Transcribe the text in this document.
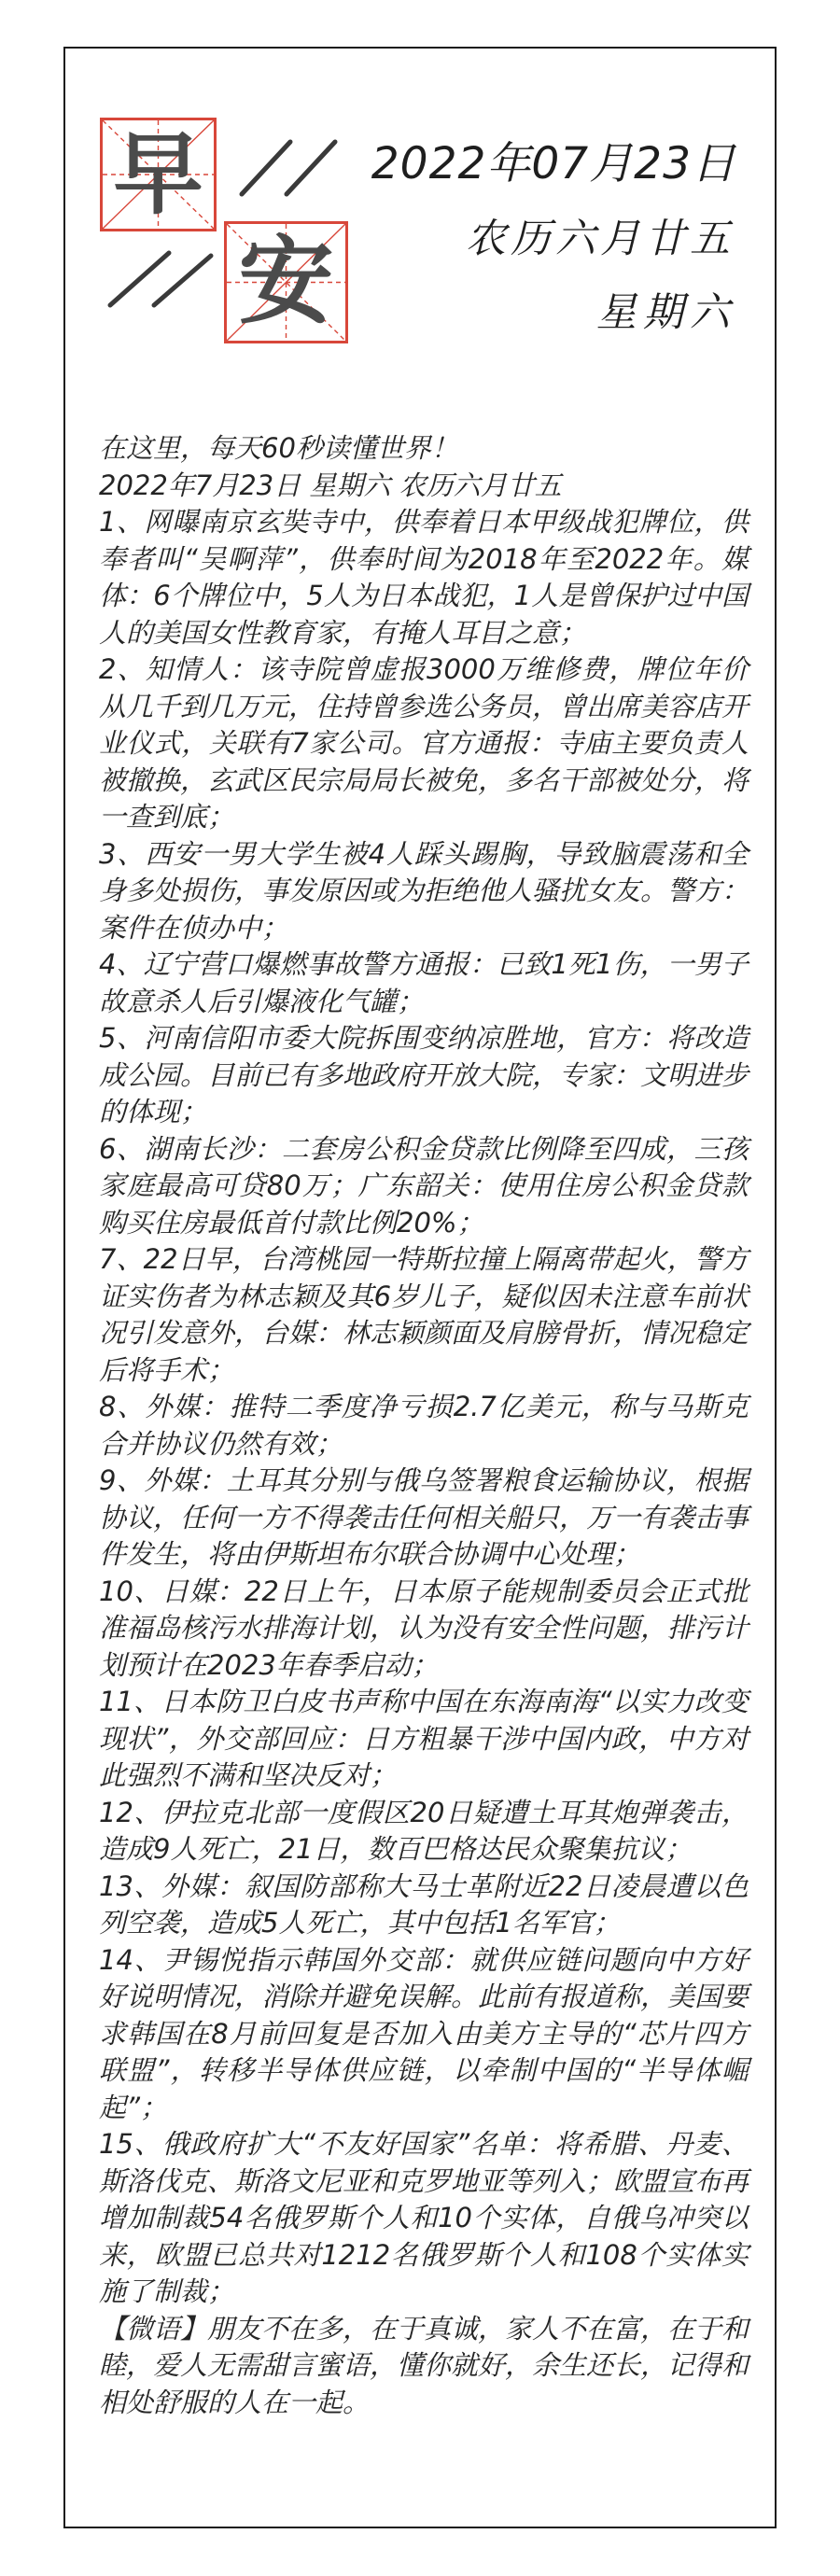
早
安
2022年07月23日
农历六月廿五
星期六

在这里，每天60秒读懂世界！

2022年7月23日 星期六 农历六月廿五

1、网曝南京玄奘寺中，供奉着日本甲级战犯牌位，供奉者叫“吴啊萍”，供奉时间为2018年至2022年。媒体：6个牌位中，5人为日本战犯，1人是曾保护过中国人的美国女性教育家，有掩人耳目之意；

2、知情人：该寺院曾虚报3000万维修费，牌位年价从几千到几万元，住持曾参选公务员，曾出席美容店开业仪式，关联有7家公司。官方通报：寺庙主要负责人被撤换，玄武区民宗局局长被免，多名干部被处分，将一查到底；

3、西安一男大学生被4人踩头踢胸，导致脑震荡和全身多处损伤，事发原因或为拒绝他人骚扰女友。警方：案件在侦办中；

4、辽宁营口爆燃事故警方通报：已致1死1伤，一男子故意杀人后引爆液化气罐；

5、河南信阳市委大院拆围变纳凉胜地，官方：将改造成公园。目前已有多地政府开放大院，专家：文明进步的体现；

6、湖南长沙：二套房公积金贷款比例降至四成，三孩家庭最高可贷80万；广东韶关：使用住房公积金贷款购买住房最低首付款比例20%；

7、22日早，台湾桃园一特斯拉撞上隔离带起火，警方证实伤者为林志颖及其6岁儿子，疑似因未注意车前状况引发意外，台媒：林志颖颜面及肩膀骨折，情况稳定后将手术；

8、外媒：推特二季度净亏损2.7亿美元，称与马斯克合并协议仍然有效；

9、外媒：土耳其分别与俄乌签署粮食运输协议，根据协议，任何一方不得袭击任何相关船只，万一有袭击事件发生，将由伊斯坦布尔联合协调中心处理；

10、日媒：22日上午，日本原子能规制委员会正式批准福岛核污水排海计划，认为没有安全性问题，排污计划预计在2023年春季启动；

11、日本防卫白皮书声称中国在东海南海“以实力改变现状”，外交部回应：日方粗暴干涉中国内政，中方对此强烈不满和坚决反对；

12、伊拉克北部一度假区20日疑遭土耳其炮弹袭击，造成9人死亡，21日，数百巴格达民众聚集抗议；

13、外媒：叙国防部称大马士革附近22日凌晨遭以色列空袭，造成5人死亡，其中包括1名军官；

14、尹锡悦指示韩国外交部：就供应链问题向中方好好说明情况，消除并避免误解。此前有报道称，美国要求韩国在8月前回复是否加入由美方主导的“芯片四方联盟”，转移半导体供应链，以牵制中国的“半导体崛起”；

15、俄政府扩大“不友好国家”名单：将希腊、丹麦、斯洛伐克、斯洛文尼亚和克罗地亚等列入；欧盟宣布再增加制裁54名俄罗斯个人和10个实体，自俄乌冲突以来，欧盟已总共对1212名俄罗斯个人和108个实体实施了制裁；

【微语】朋友不在多，在于真诚，家人不在富，在于和睦，爱人无需甜言蜜语，懂你就好，余生还长，记得和相处舒服的人在一起。
